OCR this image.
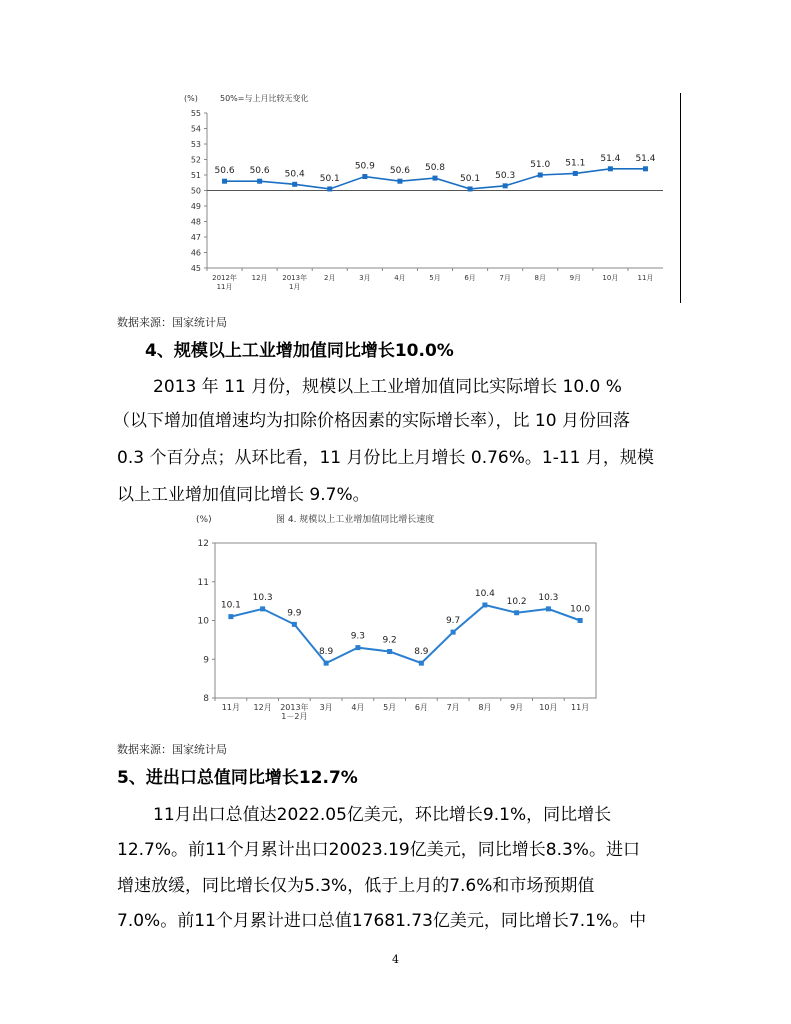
(%)	50%=与上月比较无变化
45
46
47
48
49
50
51
52
53
54
55
2012年
11月
12月 2013年
1月
2月	3月	4月	5月	6月	7月	8月	9月	10月	11月
50.6 50.6 50.4 50.1
50.9 50.6 50.8
50.1 50.3
51.0 51.1 51.4 51.4
数据来源：国家统计局
4、规模以上工业增加值同比增长10.0%
2013 年 11 月份，规模以上工业增加值同比实际增长 10.0 %
（以下增加值增速均为扣除价格因素的实际增长率），比 10 月份回落
0.3 个百分点；从环比看，11 月份比上月增长 0.76%。1-11 月，规模
以上工业增加值同比增长 9.7%。
(%)	图 4. 规模以上工业增加值同比增长速度
8
9
10
11
12
11月 12月 2013年
1－2月
3月 4月 5月 6月 7月 8月 9月 10月 11月
10.1
10.3
9.9
8.9
9.3 9.2
8.9
9.7
10.4
10.2 10.3
10.0
数据来源：国家统计局
5、进出口总值同比增长12.7%
11月出口总值达2022.05亿美元，环比增长9.1%，同比增长
12.7%。前11个月累计出口20023.19亿美元，同比增长8.3%。进口
增速放缓，同比增长仅为5.3%，低于上月的7.6%和市场预期值
7.0%。前11个月累计进口总值17681.73亿美元，同比增长7.1%。中
4
